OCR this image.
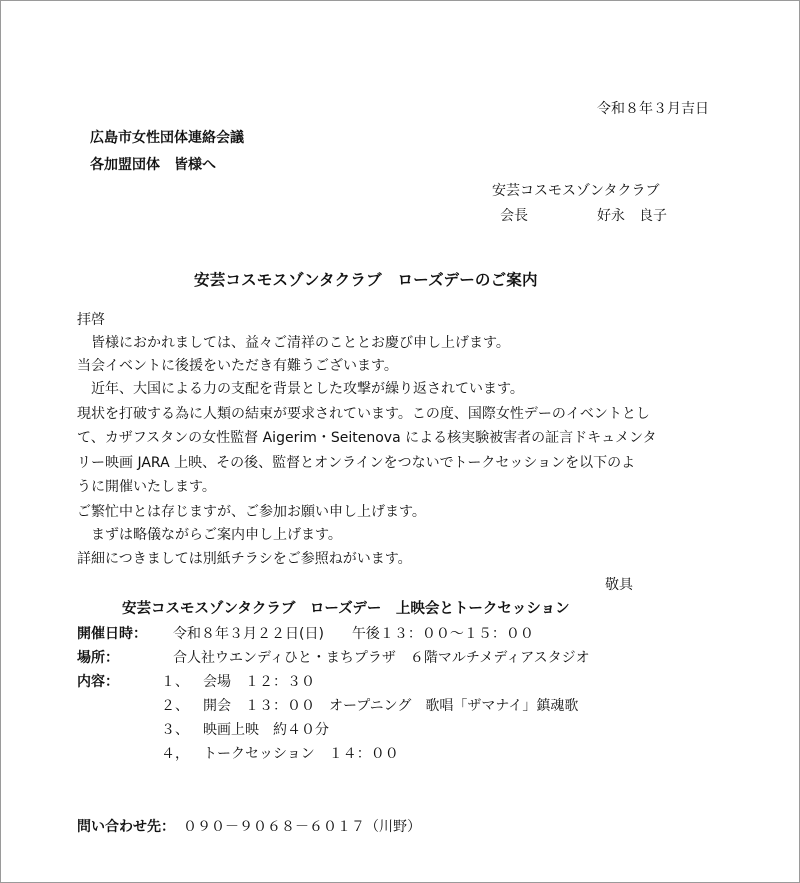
令和８年３月吉日
広島市女性団体連絡会議
各加盟団体　皆様へ
安芸コスモスゾンタクラブ
会長	好永　良子
安芸コスモスゾンタクラブ　ローズデーのご案内
拝啓
　皆様におかれましては、益々ご清祥のこととお慶び申し上げます。
当会イベントに後援をいただき有難うございます。
　近年、大国による力の支配を背景とした攻撃が繰り返されています。
現状を打破する為に人類の結束が要求されています。この度、国際女性デーのイベントとし
て、カザフスタンの女性監督 Aigerim・Seitenova による核実験被害者の証言ドキュメンタ
リー映画 JARA 上映、その後、監督とオンラインをつないでトークセッションを以下のよ
うに開催いたします。
ご繁忙中とは存じますが、ご参加お願い申し上げます。
　まずは略儀ながらご案内申し上げます。
詳細につきましては別紙チラシをご参照ねがいます。
敬具
安芸コスモスゾンタクラブ　ローズデー　上映会とトークセッション
開催日時： 令和８年３月２２日(日)　　午後１３：００〜１５：００
場所：	合人社ウエンディひと・まちプラザ　６階マルチメディアスタジオ
内容：	１、 会場　１２：３０
２、 開会　１３：００　オープニング　歌唱「ザマナイ」鎮魂歌
３、 映画上映　約４０分
４， トークセッション　１４：００
問い合わせ先： ０９０－９０６８－６０１７（川野）
